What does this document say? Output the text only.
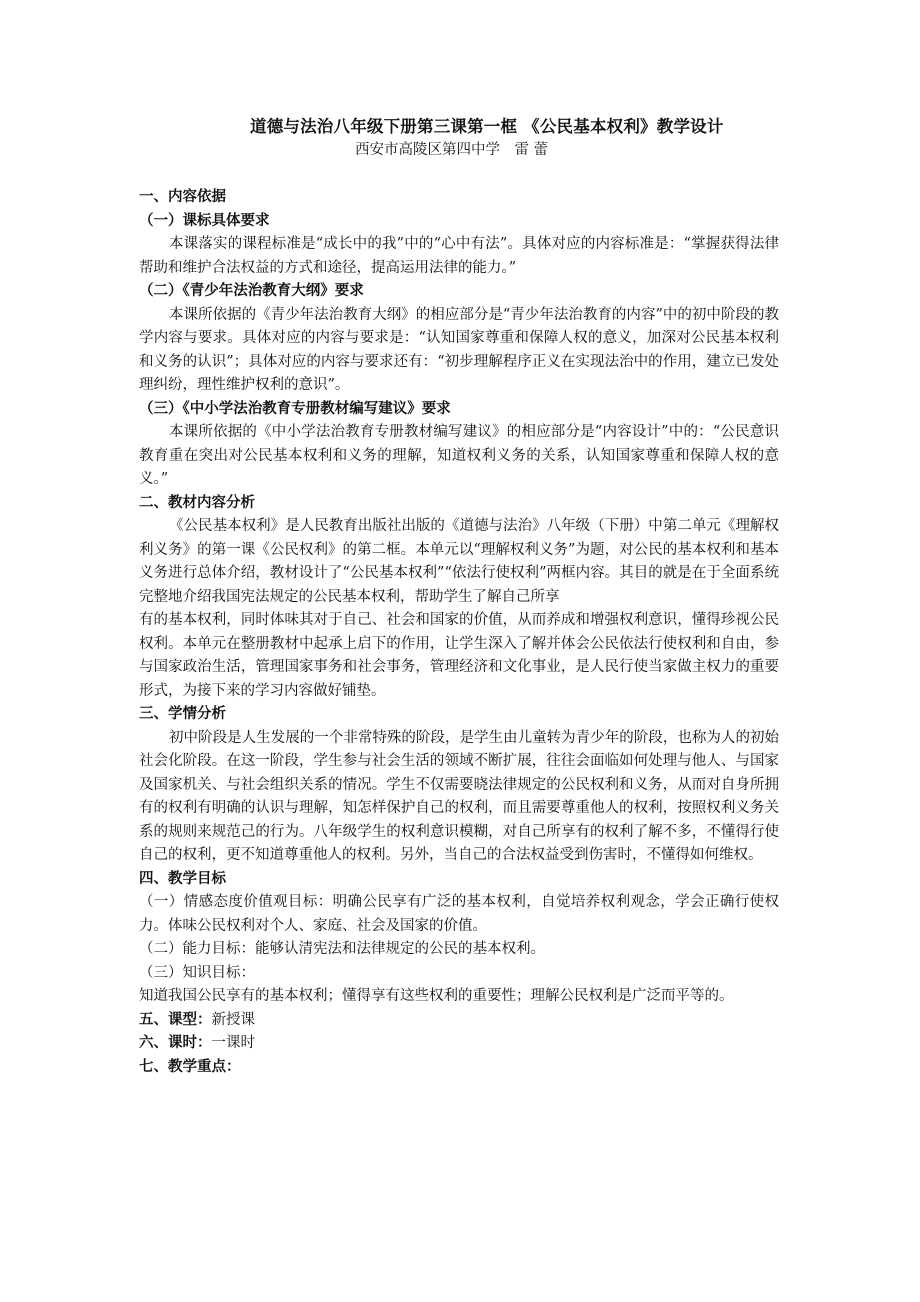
道德与法治八年级下册第三课第一框 《公民基本权利》教学设计
西安市高陵区第四中学　雷 蕾

一、内容依据

（一）课标具体要求

本课落实的课程标准是“成长中的我”中的“心中有法”。具体对应的内容标准是：“掌握获得法律帮助和维护合法权益的方式和途径，提高运用法律的能力。”

（二）《青少年法治教育大纲》要求

本课所依据的《青少年法治教育大纲》的相应部分是“青少年法治教育的内容”中的初中阶段的教学内容与要求。具体对应的内容与要求是：“认知国家尊重和保障人权的意义，加深对公民基本权利和义务的认识”；具体对应的内容与要求还有：“初步理解程序正义在实现法治中的作用，建立已发处理纠纷，理性维护权利的意识”。

（三）《中小学法治教育专册教材编写建议》要求

本课所依据的《中小学法治教育专册教材编写建议》的相应部分是“内容设计”中的：“公民意识教育重在突出对公民基本权利和义务的理解，知道权利义务的关系，认知国家尊重和保障人权的意义。”

二、教材内容分析

《公民基本权利》是人民教育出版社出版的《道德与法治》八年级（下册）中第二单元《理解权利义务》的第一课《公民权利》的第二框。本单元以“理解权利义务”为题，对公民的基本权利和基本义务进行总体介绍，教材设计了“公民基本权利”“依法行使权利”两框内容。其目的就是在于全面系统完整地介绍我国宪法规定的公民基本权利，帮助学生了解自己所享

有的基本权利，同时体味其对于自己、社会和国家的价值，从而养成和增强权利意识，懂得珍视公民权利。本单元在整册教材中起承上启下的作用，让学生深入了解并体会公民依法行使权利和自由，参与国家政治生活，管理国家事务和社会事务，管理经济和文化事业，是人民行使当家做主权力的重要形式，为接下来的学习内容做好铺垫。

三、学情分析

初中阶段是人生发展的一个非常特殊的阶段，是学生由儿童转为青少年的阶段，也称为人的初始社会化阶段。在这一阶段，学生参与社会生活的领域不断扩展，往往会面临如何处理与他人、与国家及国家机关、与社会组织关系的情况。学生不仅需要晓法律规定的公民权利和义务，从而对自身所拥有的权利有明确的认识与理解，知怎样保护自己的权利，而且需要尊重他人的权利，按照权利义务关系的规则来规范己的行为。八年级学生的权利意识模糊，对自己所享有的权利了解不多，不懂得行使自己的权利，更不知道尊重他人的权利。另外，当自己的合法权益受到伤害时，不懂得如何维权。

四、教学目标

（一）情感态度价值观目标：明确公民享有广泛的基本权利，自觉培养权利观念，学会正确行使权力。体味公民权利对个人、家庭、社会及国家的价值。

（二）能力目标：能够认清宪法和法律规定的公民的基本权利。

（三）知识目标：

知道我国公民享有的基本权利；懂得享有这些权利的重要性；理解公民权利是广泛而平等的。

五、课型：新授课

六、课时：一课时

七、教学重点：
